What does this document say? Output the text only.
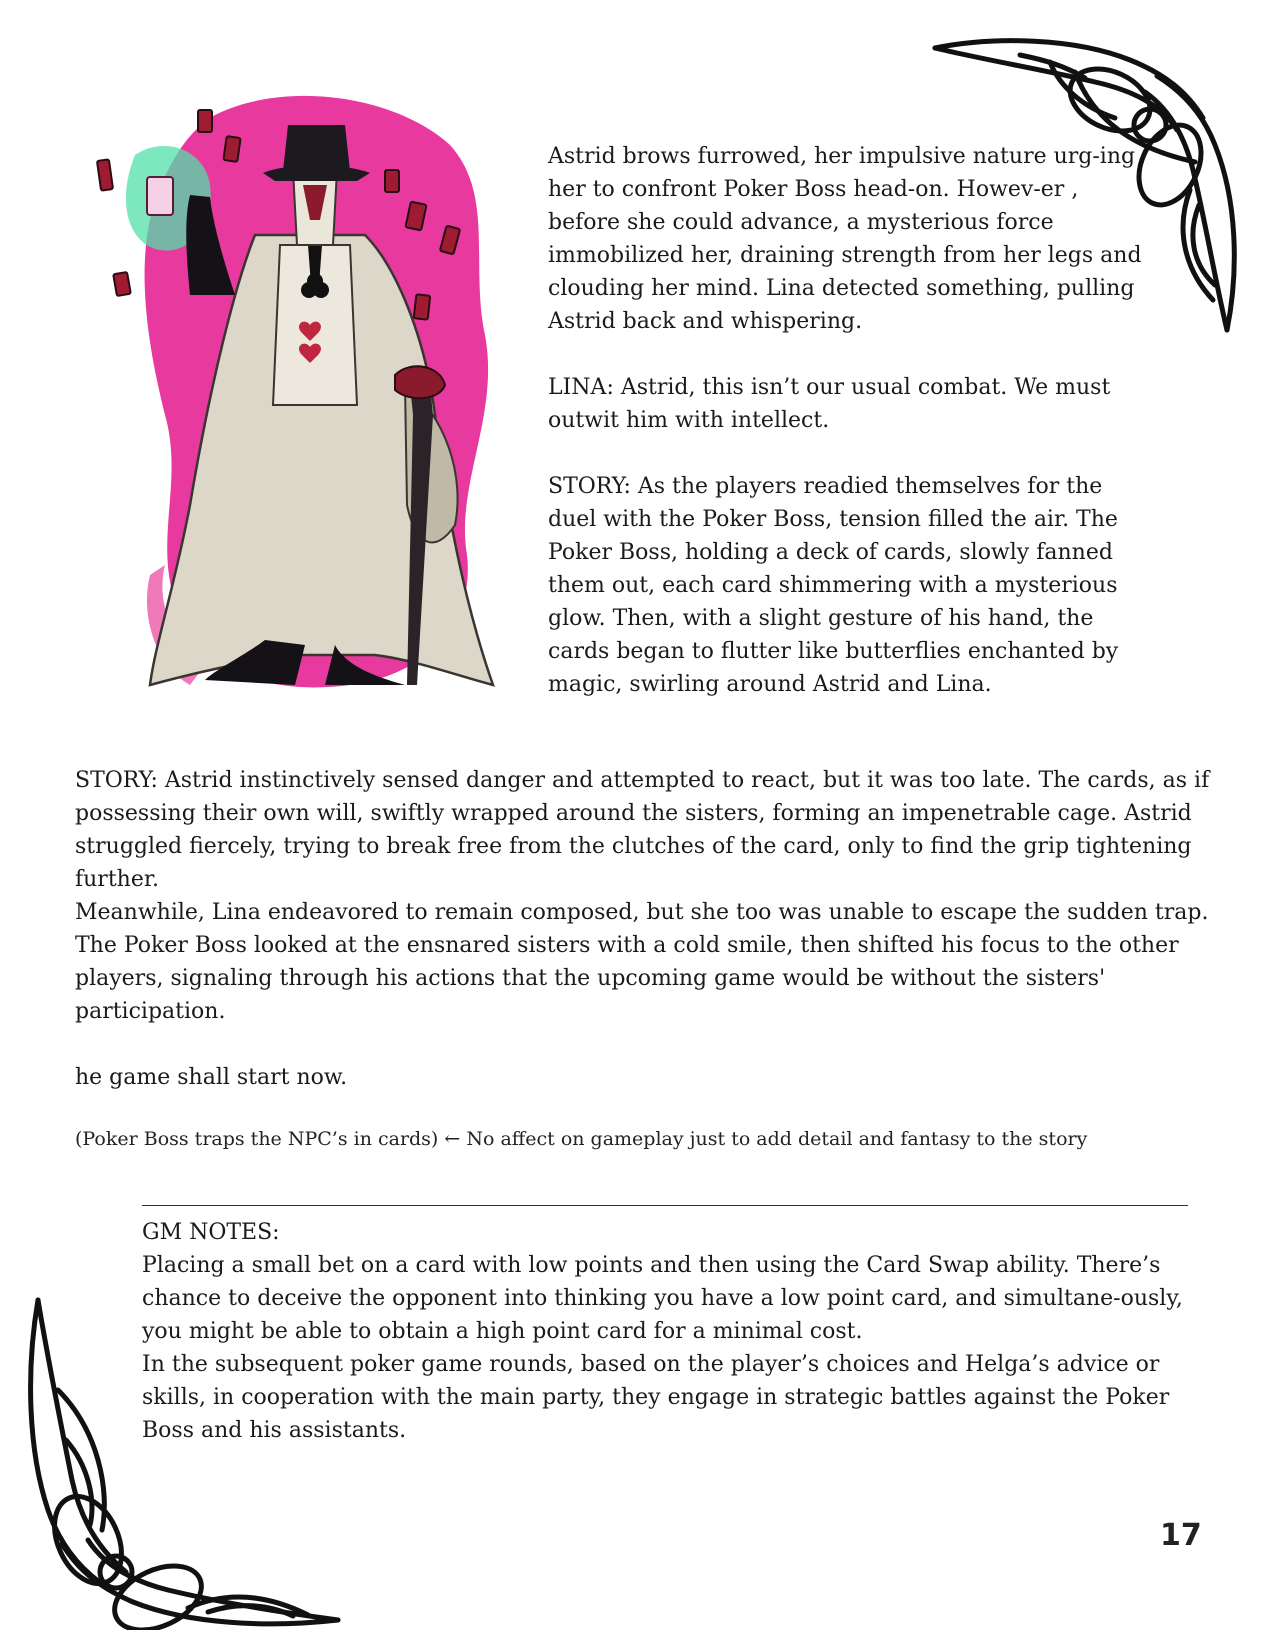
Astrid brows furrowed, her impulsive nature urg-ing her to confront Poker Boss head-on. Howev-er , before she could advance, a mysterious force immobilized her, draining strength from her legs and clouding her mind. Lina detected something, pulling Astrid back and whispering.

LINA: Astrid, this isn’t our usual combat. We must outwit him with intellect.

STORY: As the players readied themselves for the duel with the Poker Boss, tension filled the air. The Poker Boss, holding a deck of cards, slowly fanned them out, each card shimmering with a mysterious glow. Then, with a slight gesture of his hand, the cards began to flutter like butterflies enchanted by magic, swirling around Astrid and Lina.

STORY: Astrid instinctively sensed danger and attempted to react, but it was too late. The cards, as if possessing their own will, swiftly wrapped around the sisters, forming an impenetrable cage. Astrid struggled fiercely, trying to break free from the clutches of the card, only to find the grip tightening further.

Meanwhile, Lina endeavored to remain composed, but she too was unable to escape the sudden trap. The Poker Boss looked at the ensnared sisters with a cold smile, then shifted his focus to the other players, signaling through his actions that the upcoming game would be without the sisters' participation.

he game shall start now.

(Poker Boss traps the NPC’s in cards) ← No affect on gameplay just to add detail and fantasy to the story

GM NOTES:

Placing a small bet on a card with low points and then using the Card Swap ability. There’s chance to deceive the opponent into thinking you have a low point card, and simultane-ously, you might be able to obtain a high point card for a minimal cost.

In the subsequent poker game rounds, based on the player’s choices and Helga’s advice or skills, in cooperation with the main party, they engage in strategic battles against the Poker Boss and his assistants.

17
